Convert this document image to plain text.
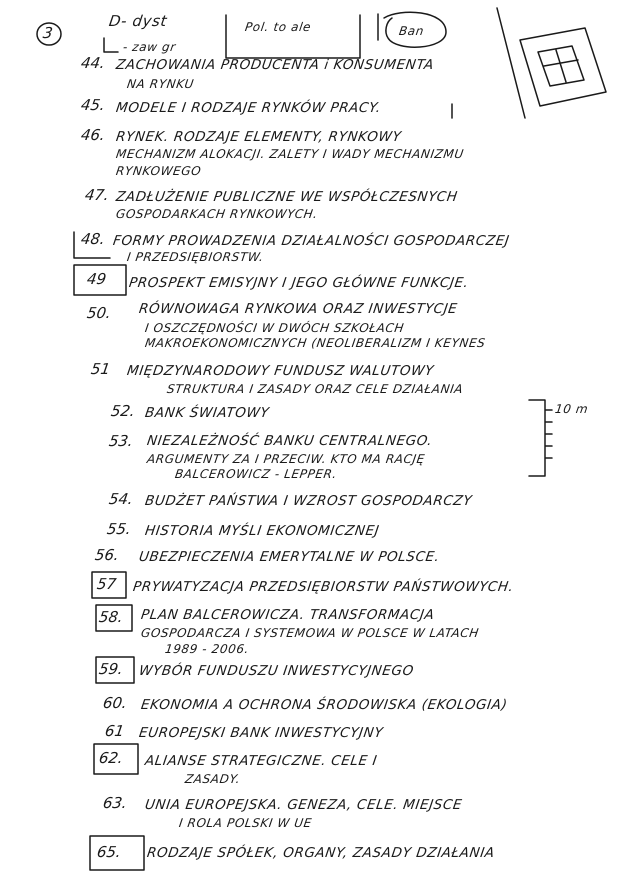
3
D- dyst
- zaw gr
Pol. to ale	Ban
44. ZACHOWANIA PRODUCENTA i KONSUMENTA
NA RYNKU
45. MODELE I RODZAJE RYNKÓW PRACY.
46. RYNEK. RODZAJE ELEMENTY, RYNKOWY
MECHANIZM ALOKACJI. ZALETY I WADY MECHANIZMU
RYNKOWEGO
47. ZADŁUŻENIE PUBLICZNE WE WSPÓŁCZESNYCH
GOSPODARKACH RYNKOWYCH.
48. FORMY PROWADZENIA DZIAŁALNOŚCI GOSPODARCZEJ
I PRZEDSIĘBIORSTW.
49 PROSPEKT EMISYJNY I JEGO GŁÓWNE FUNKCJE.
50. RÓWNOWAGA RYNKOWA ORAZ INWESTYCJE
I OSZCZĘDNOŚCI W DWÓCH SZKOŁACH
MAKROEKONOMICZNYCH (NEOLIBERALIZM I KEYNES
51 MIĘDZYNARODOWY FUNDUSZ WALUTOWY
STRUKTURA I ZASADY ORAZ CELE DZIAŁANIA
52. BANK ŚWIATOWY	10 m
53. NIEZALEŻNOŚĆ BANKU CENTRALNEGO.
ARGUMENTY ZA I PRZECIW. KTO MA RACJĘ
BALCEROWICZ - LEPPER.
54. BUDŻET PAŃSTWA I WZROST GOSPODARCZY
55. HISTORIA MYŚLI EKONOMICZNEJ
56. UBEZPIECZENIA EMERYTALNE W POLSCE.
57 PRYWATYZACJA PRZEDSIĘBIORSTW PAŃSTWOWYCH.
58. PLAN BALCEROWICZA. TRANSFORMACJA
GOSPODARCZA I SYSTEMOWA W POLSCE W LATACH
1989 - 2006.
59. WYBÓR FUNDUSZU INWESTYCYJNEGO
60. EKONOMIA A OCHRONA ŚRODOWISKA (EKOLOGIA)
61 EUROPEJSKI BANK INWESTYCYJNY
62. ALIANSE STRATEGICZNE. CELE I
ZASADY.
63. UNIA EUROPEJSKA. GENEZA, CELE. MIEJSCE
I ROLA POLSKI W UE
65. RODZAJE SPÓŁEK, ORGANY, ZASADY DZIAŁANIA
